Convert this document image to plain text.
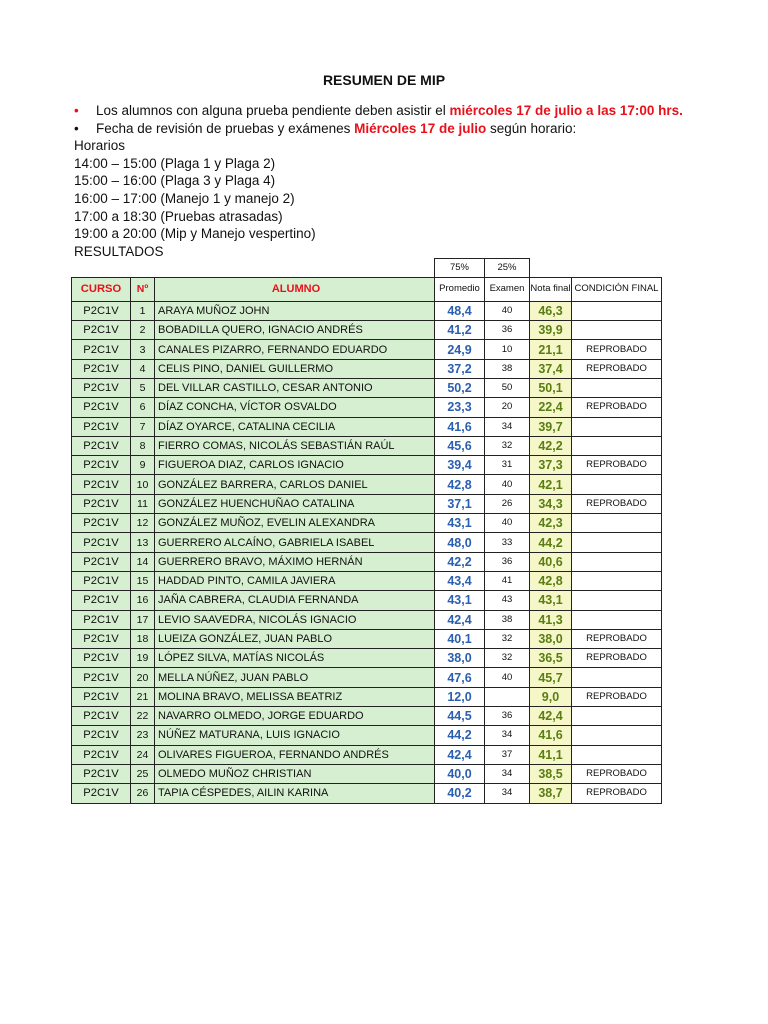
RESUMEN DE MIP
• Los alumnos con alguna prueba pendiente deben asistir el miércoles 17 de julio a las 17:00 hrs.
• Fecha de revisión de pruebas y exámenes Miércoles 17 de julio según horario:
Horarios
14:00 – 15:00 (Plaga 1 y Plaga 2)
15:00 – 16:00 (Plaga 3 y Plaga 4)
16:00 – 17:00 (Manejo 1 y manejo 2)
17:00 a 18:30 (Pruebas atrasadas)
19:00 a 20:00 (Mip y Manejo vespertino)
RESULTADOS
			75%	25%		
CURSO	Nº	ALUMNO	Promedio	Examen	Nota final	CONDICIÓN FINAL
P2C1V	1	ARAYA MUÑOZ JOHN	48,4	40	46,3	
P2C1V	2	BOBADILLA QUERO, IGNACIO ANDRÉS	41,2	36	39,9	
P2C1V	3	CANALES PIZARRO, FERNANDO EDUARDO	24,9	10	21,1	REPROBADO
P2C1V	4	CELIS PINO, DANIEL GUILLERMO	37,2	38	37,4	REPROBADO
P2C1V	5	DEL VILLAR CASTILLO, CESAR ANTONIO	50,2	50	50,1	
P2C1V	6	DÍAZ CONCHA, VÍCTOR OSVALDO	23,3	20	22,4	REPROBADO
P2C1V	7	DÍAZ OYARCE, CATALINA CECILIA	41,6	34	39,7	
P2C1V	8	FIERRO COMAS, NICOLÁS SEBASTIÁN RAÚL	45,6	32	42,2	
P2C1V	9	FIGUEROA DIAZ, CARLOS IGNACIO	39,4	31	37,3	REPROBADO
P2C1V	10	GONZÁLEZ BARRERA, CARLOS DANIEL	42,8	40	42,1	
P2C1V	11	GONZÁLEZ HUENCHUÑAO CATALINA	37,1	26	34,3	REPROBADO
P2C1V	12	GONZÁLEZ MUÑOZ, EVELIN ALEXANDRA	43,1	40	42,3	
P2C1V	13	GUERRERO ALCAÍNO, GABRIELA ISABEL	48,0	33	44,2	
P2C1V	14	GUERRERO BRAVO, MÁXIMO HERNÁN	42,2	36	40,6	
P2C1V	15	HADDAD PINTO, CAMILA JAVIERA	43,4	41	42,8	
P2C1V	16	JAÑA CABRERA, CLAUDIA FERNANDA	43,1	43	43,1	
P2C1V	17	LEVIO SAAVEDRA, NICOLÁS IGNACIO	42,4	38	41,3	
P2C1V	18	LUEIZA GONZÁLEZ, JUAN PABLO	40,1	32	38,0	REPROBADO
P2C1V	19	LÓPEZ SILVA, MATÍAS NICOLÁS	38,0	32	36,5	REPROBADO
P2C1V	20	MELLA NÚÑEZ, JUAN PABLO	47,6	40	45,7	
P2C1V	21	MOLINA BRAVO, MELISSA BEATRIZ	12,0		9,0	REPROBADO
P2C1V	22	NAVARRO OLMEDO, JORGE EDUARDO	44,5	36	42,4	
P2C1V	23	NÚÑEZ MATURANA, LUIS IGNACIO	44,2	34	41,6	
P2C1V	24	OLIVARES FIGUEROA, FERNANDO ANDRÉS	42,4	37	41,1	
P2C1V	25	OLMEDO MUÑOZ CHRISTIAN	40,0	34	38,5	REPROBADO
P2C1V	26	TAPIA CÉSPEDES, AILIN KARINA	40,2	34	38,7	REPROBADO
